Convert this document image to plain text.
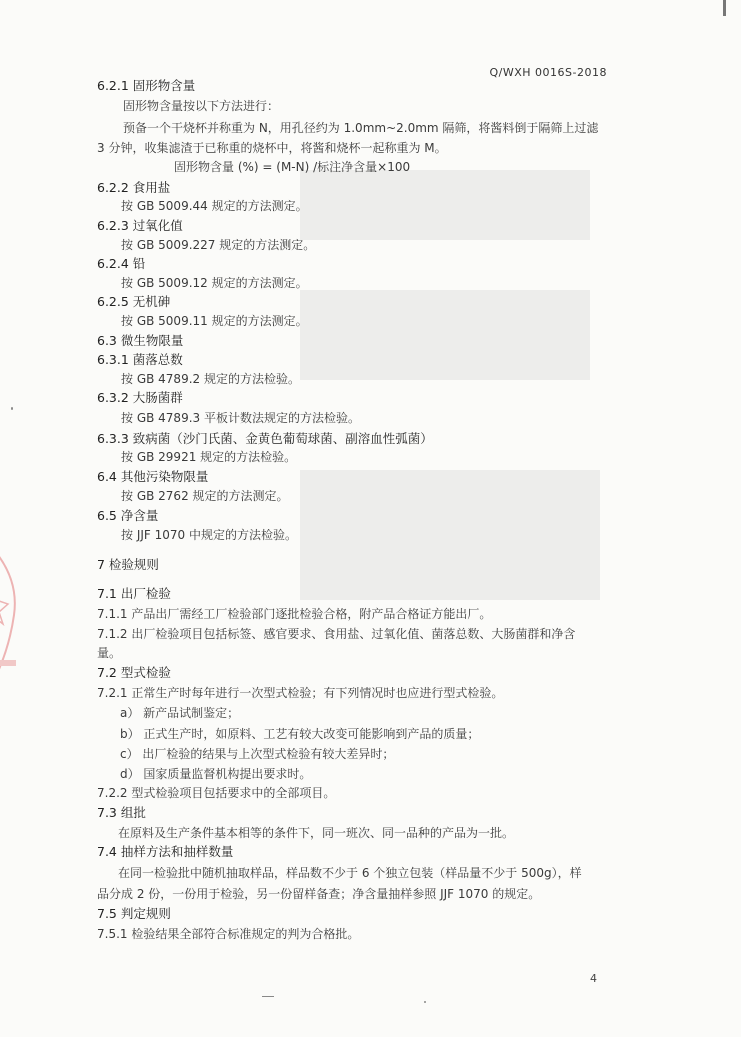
Q/WXH 0016S-2018
6.2.1 固形物含量
固形物含量按以下方法进行：
预备一个干烧杯并称重为 N，用孔径约为 1.0mm~2.0mm 隔筛，将酱料倒于隔筛上过滤
3 分钟，收集滤渣于已称重的烧杯中，将酱和烧杯一起称重为 M。
固形物含量 (%) = (M-N) /标注净含量×100
6.2.2 食用盐
按 GB 5009.44 规定的方法测定。
6.2.3 过氧化值
按 GB 5009.227 规定的方法测定。
6.2.4 铅
按 GB 5009.12 规定的方法测定。
6.2.5 无机砷
按 GB 5009.11 规定的方法测定。
6.3 微生物限量
6.3.1 菌落总数
按 GB 4789.2 规定的方法检验。
6.3.2 大肠菌群
按 GB 4789.3 平板计数法规定的方法检验。
6.3.3 致病菌（沙门氏菌、金黄色葡萄球菌、副溶血性弧菌）
按 GB 29921 规定的方法检验。
6.4 其他污染物限量
按 GB 2762 规定的方法测定。
6.5 净含量
按 JJF 1070 中规定的方法检验。
7 检验规则
7.1 出厂检验
7.1.1 产品出厂需经工厂检验部门逐批检验合格，附产品合格证方能出厂。
7.1.2 出厂检验项目包括标签、感官要求、食用盐、过氧化值、菌落总数、大肠菌群和净含
量。
7.2 型式检验
7.2.1 正常生产时每年进行一次型式检验；有下列情况时也应进行型式检验。
a） 新产品试制鉴定；
b） 正式生产时，如原料、工艺有较大改变可能影响到产品的质量；
c） 出厂检验的结果与上次型式检验有较大差异时；
d） 国家质量监督机构提出要求时。
7.2.2 型式检验项目包括要求中的全部项目。
7.3 组批
在原料及生产条件基本相等的条件下，同一班次、同一品种的产品为一批。
7.4 抽样方法和抽样数量
在同一检验批中随机抽取样品，样品数不少于 6 个独立包装（样品量不少于 500g），样
品分成 2 份，一份用于检验，另一份留样备查；净含量抽样参照 JJF 1070 的规定。
7.5 判定规则
7.5.1 检验结果全部符合标准规定的判为合格批。
4
